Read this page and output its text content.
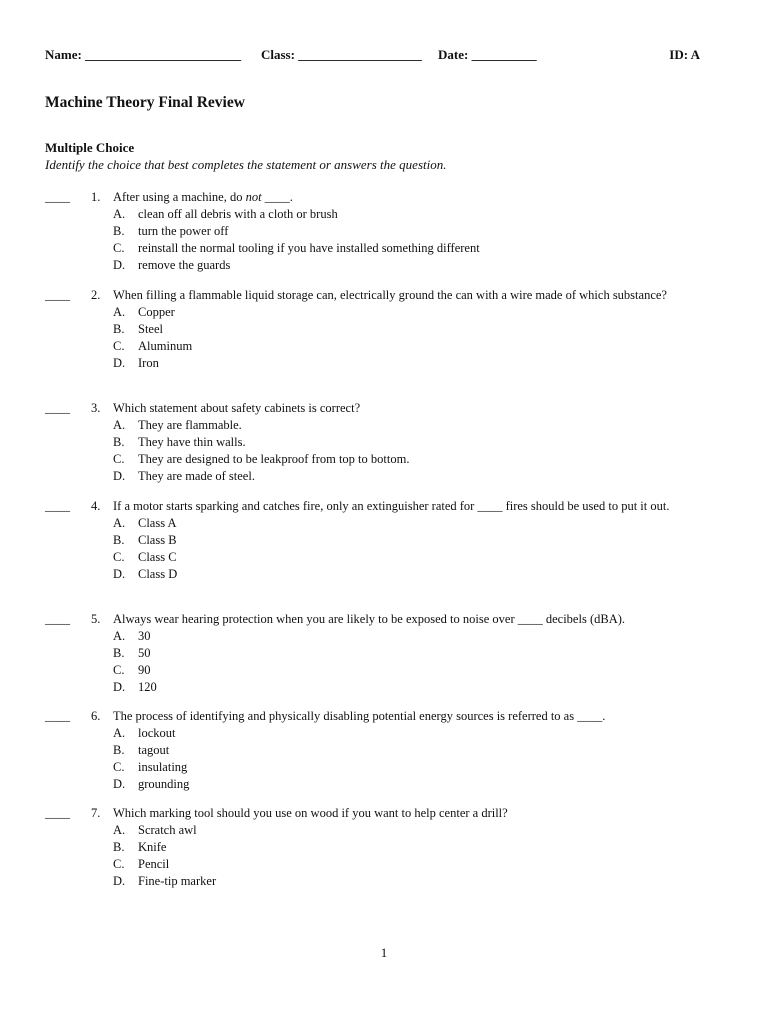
Name: ________________________ Class: ___________________ Date: __________	ID: A
Machine Theory Final Review
Multiple Choice
Identify the choice that best completes the statement or answers the question.
____ 1. After using a machine, do not ____.
A. clean off all debris with a cloth or brush
B. turn the power off
C. reinstall the normal tooling if you have installed something different
D. remove the guards
____ 2. When filling a flammable liquid storage can, electrically ground the can with a wire made of which substance?
A. Copper
B. Steel
C. Aluminum
D. Iron
____ 3. Which statement about safety cabinets is correct?
A. They are flammable.
B. They have thin walls.
C. They are designed to be leakproof from top to bottom.
D. They are made of steel.
____ 4. If a motor starts sparking and catches fire, only an extinguisher rated for ____ fires should be used to put it out.
A. Class A
B. Class B
C. Class C
D. Class D
____ 5. Always wear hearing protection when you are likely to be exposed to noise over ____ decibels (dBA).
A. 30
B. 50
C. 90
D. 120
____ 6. The process of identifying and physically disabling potential energy sources is referred to as ____.
A. lockout
B. tagout
C. insulating
D. grounding
____ 7. Which marking tool should you use on wood if you want to help center a drill?
A. Scratch awl
B. Knife
C. Pencil
D. Fine-tip marker
1
